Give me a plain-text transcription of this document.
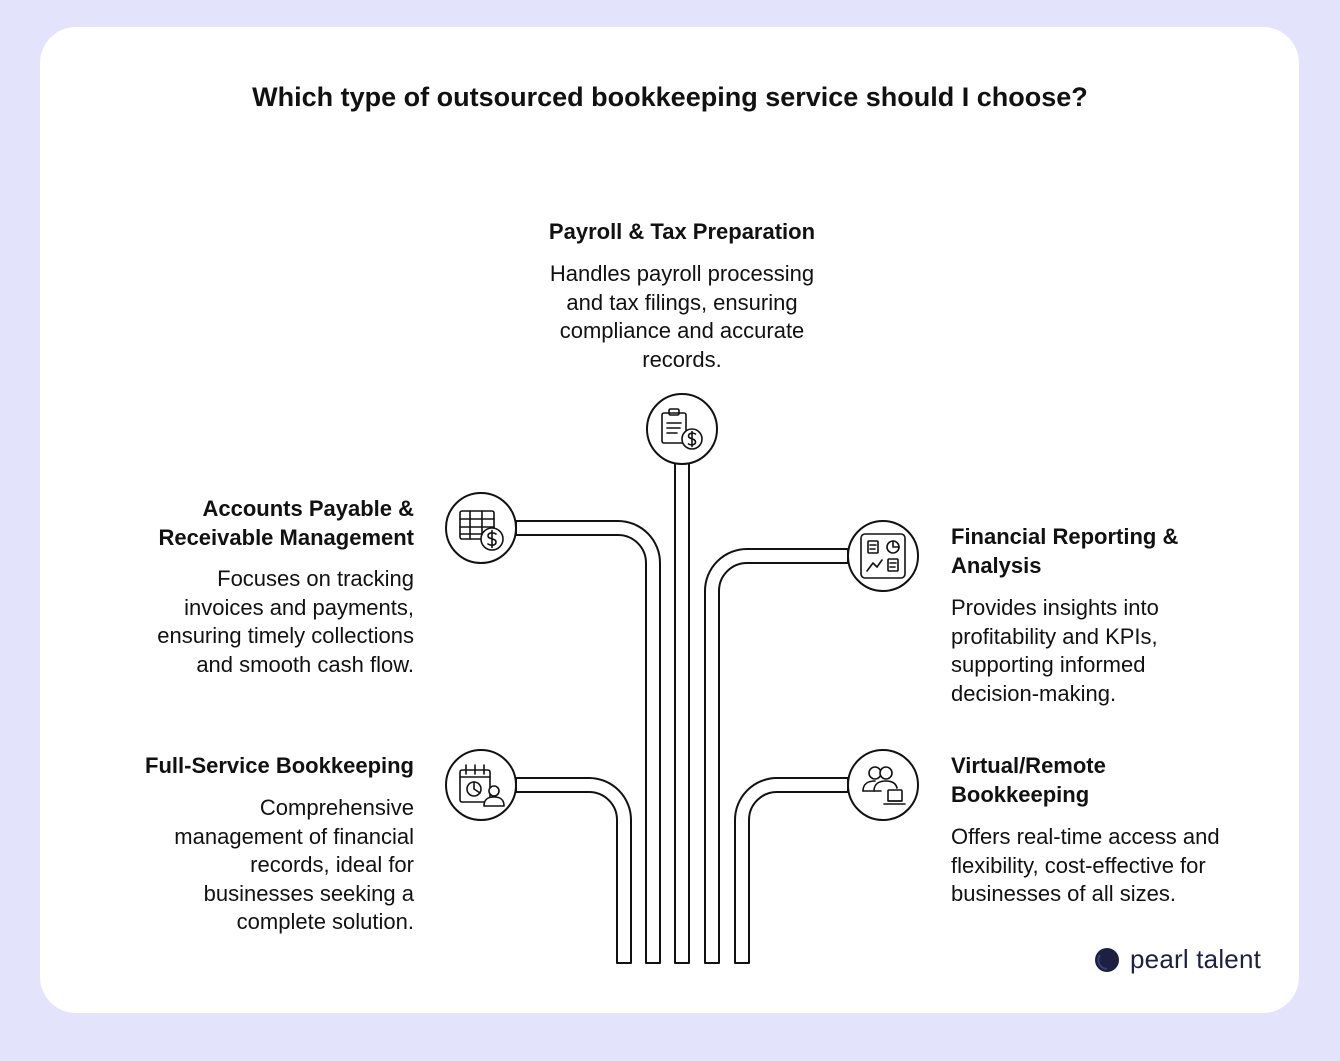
Which type of outsourced bookkeeping service should I choose?
Payroll & Tax Preparation

Handles payroll processing and tax filings, ensuring compliance and accurate records.

Accounts Payable & Receivable Management

Focuses on tracking invoices and payments, ensuring timely collections and smooth cash flow.

Full-Service Bookkeeping

Comprehensive management of financial records, ideal for businesses seeking a complete solution.

Financial Reporting & Analysis

Provides insights into profitability and KPIs, supporting informed decision-making.

Virtual/Remote Bookkeeping

Offers real-time access and flexibility, cost-effective for businesses of all sizes.

pearl talent
